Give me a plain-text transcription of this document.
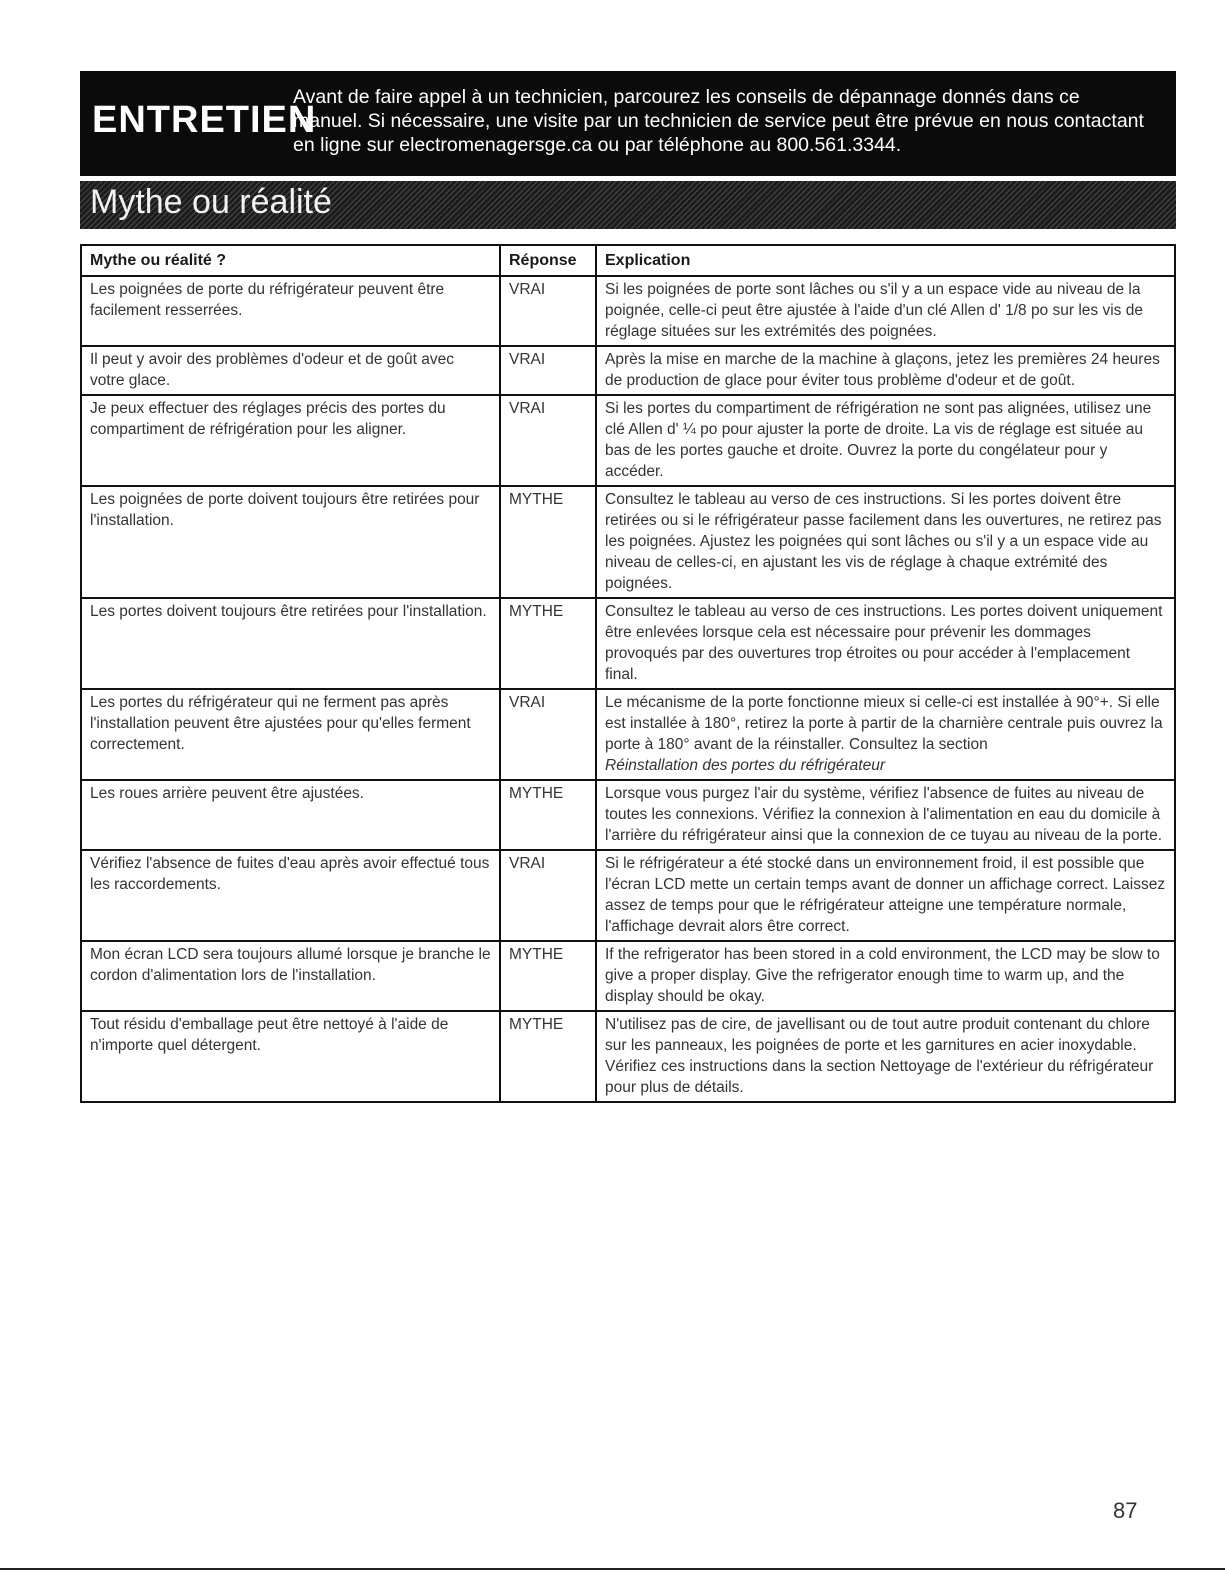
ENTRETIEN
Avant de faire appel à un technicien, parcourez les conseils de dépannage donnés dans ce manuel. Si nécessaire, une visite par un technicien de service peut être prévue en nous contactant en ligne sur electromenagersge.ca ou par téléphone au 800.561.3344.
Mythe ou réalité
Mythe ou réalité ?	Réponse	Explication
Les poignées de porte du réfrigérateur peuvent être facilement resserrées.	VRAI	Si les poignées de porte sont lâches ou s'il y a un espace vide au niveau de la poignée, celle-ci peut être ajustée à l'aide d'un clé Allen d' 1/8 po sur les vis de réglage situées sur les extrémités des poignées.
Il peut y avoir des problèmes d'odeur et de goût avec votre glace.	VRAI	Après la mise en marche de la machine à glaçons, jetez les premières 24 heures de production de glace pour éviter tous problème d'odeur et de goût.
Je peux effectuer des réglages précis des portes du compartiment de réfrigération pour les aligner.	VRAI	Si les portes du compartiment de réfrigération ne sont pas alignées, utilisez une clé Allen d' ¼ po pour ajuster la porte de droite. La vis de réglage est située au bas de les portes gauche et droite. Ouvrez la porte du congélateur pour y accéder.
Les poignées de porte doivent toujours être retirées pour l'installation.	MYTHE	Consultez le tableau au verso de ces instructions. Si les portes doivent être retirées ou si le réfrigérateur passe facilement dans les ouvertures, ne retirez pas les poignées. Ajustez les poignées qui sont lâches ou s'il y a un espace vide au niveau de celles-ci, en ajustant les vis de réglage à chaque extrémité des poignées.
Les portes doivent toujours être retirées pour l'installation.	MYTHE	Consultez le tableau au verso de ces instructions. Les portes doivent uniquement être enlevées lorsque cela est nécessaire pour prévenir les dommages provoqués par des ouvertures trop étroites ou pour accéder à l'emplacement final.
Les portes du réfrigérateur qui ne ferment pas après l'installation peuvent être ajustées pour qu'elles ferment correctement.	VRAI	Le mécanisme de la porte fonctionne mieux si celle-ci est installée à 90°+. Si elle est installée à 180°, retirez la porte à partir de la charnière centrale puis ouvrez la porte à 180° avant de la réinstaller. Consultez la section
Réinstallation des portes du réfrigérateur
Les roues arrière peuvent être ajustées.	MYTHE	Lorsque vous purgez l'air du système, vérifiez l'absence de fuites au niveau de toutes les connexions. Vérifiez la connexion à l'alimentation en eau du domicile à l'arrière du réfrigérateur ainsi que la connexion de ce tuyau au niveau de la porte.
Vérifiez l'absence de fuites d'eau après avoir effectué tous les raccordements.	VRAI	Si le réfrigérateur a été stocké dans un environnement froid, il est possible que l'écran LCD mette un certain temps avant de donner un affichage correct. Laissez assez de temps pour que le réfrigérateur atteigne une température normale, l'affichage devrait alors être correct.
Mon écran LCD sera toujours allumé lorsque je branche le cordon d'alimentation lors de l'installation.	MYTHE	If the refrigerator has been stored in a cold environment, the LCD may be slow to give a proper display. Give the refrigerator enough time to warm up, and the display should be okay.
Tout résidu d'emballage peut être nettoyé à l'aide de n'importe quel détergent.	MYTHE	N'utilisez pas de cire, de javellisant ou de tout autre produit contenant du chlore sur les panneaux, les poignées de porte et les garnitures en acier inoxydable. Vérifiez ces instructions dans la section Nettoyage de l'extérieur du réfrigérateur pour plus de détails.
87
